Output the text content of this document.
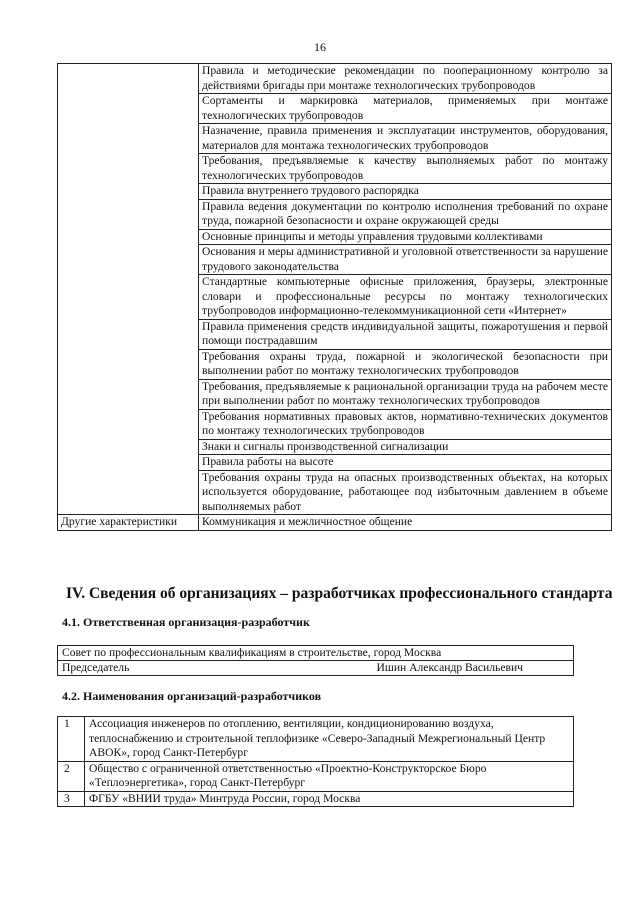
16
	Правила и методические рекомендации по пооперационному контролю за действиями бригады при монтаже технологических трубопроводов
	Сортаменты и маркировка материалов, применяемых при монтаже технологических трубопроводов
	Назначение, правила применения и эксплуатации инструментов, оборудования, материалов для монтажа технологических трубопроводов
	Требования, предъявляемые к качеству выполняемых работ по монтажу технологических трубопроводов
	Правила внутреннего трудового распорядка
	Правила ведения документации по контролю исполнения требований по охране труда, пожарной безопасности и охране окружающей среды
	Основные принципы и методы управления трудовыми коллективами
	Основания и меры административной и уголовной ответственности за нарушение трудового законодательства
	Стандартные компьютерные офисные приложения, браузеры, электронные словари и профессиональные ресурсы по монтажу технологических трубопроводов информационно-телекоммуникационной сети «Интернет»
	Правила применения средств индивидуальной защиты, пожаротушения и первой помощи пострадавшим
	Требования охраны труда, пожарной и экологической безопасности при выполнении работ по монтажу технологических трубопроводов
	Требования, предъявляемые к рациональной организации труда на рабочем месте при выполнении работ по монтажу технологических трубопроводов
	Требования нормативных правовых актов, нормативно-технических документов по монтажу технологических трубопроводов
	Знаки и сигналы производственной сигнализации
	Правила работы на высоте
	Требования охраны труда на опасных производственных объектах, на которых используется оборудование, работающее под избыточным давлением в объеме выполняемых работ
Другие характеристики	Коммуникация и межличностное общение
IV. Сведения об организациях – разработчиках профессионального стандарта
4.1. Ответственная организация-разработчик
Совет по профессиональным квалификациям в строительстве, город Москва

Председатель	Ишин Александр Васильевич
4.2. Наименования организаций-разработчиков
1	Ассоциация инженеров по отоплению, вентиляции, кондиционированию воздуха, теплоснабжению и строительной теплофизике «Северо-Западный Межрегиональный Центр АВОК», город Санкт-Петербург
2	Общество с ограниченной ответственностью «Проектно-Конструкторское Бюро «Теплоэнергетика», город Санкт-Петербург
3	ФГБУ «ВНИИ труда» Минтруда России, город Москва
